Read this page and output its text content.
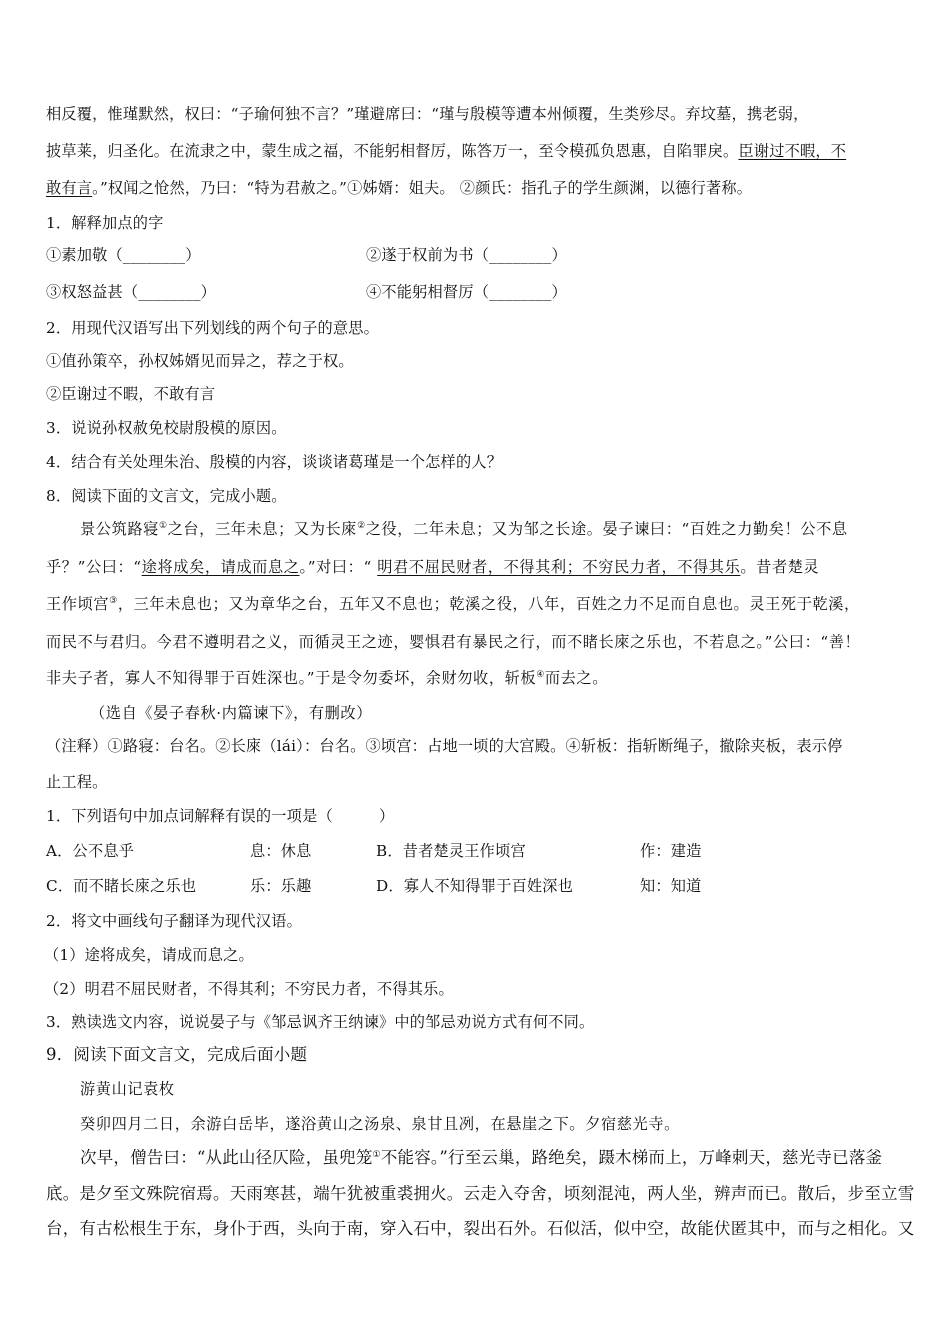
相反覆，惟瑾默然，权曰：“子瑜何独不言？”瑾避席曰：“瑾与殷模等遭本州倾覆，生类殄尽。弃坟墓，携老弱，
披草莱，归圣化。在流隶之中，蒙生成之福，不能躬相督厉，陈答万一，至令模孤负恩惠，自陷罪戾。臣谢过不暇，不
敢有言。”权闻之怆然，乃曰：“特为君赦之。”①姊婿：姐夫。 ②颜氏：指孔子的学生颜渊，以德行著称。
1．解释加点的字
①素加敬（________）	②遂于权前为书（________）
③权怒益甚（________）	④不能躬相督厉（________）
2．用现代汉语写出下列划线的两个句子的意思。
①值孙策卒，孙权姊婿见而异之，荐之于权。
②臣谢过不暇，不敢有言
3．说说孙权赦免校尉殷模的原因。
4．结合有关处理朱治、殷模的内容，谈谈诸葛瑾是一个怎样的人？
8．阅读下面的文言文，完成小题。
景公筑路寝①之台，三年未息；又为长庲②之役，二年未息；又为邹之长途。晏子谏曰：“百姓之力勤矣！公不息
乎？”公曰：“途将成矣，请成而息之。”对曰：“ 明君不屈民财者，不得其利；不穷民力者，不得其乐。昔者楚灵
王作顷宫③，三年未息也；又为章华之台，五年又不息也；乾溪之役，八年，百姓之力不足而自息也。灵王死于乾溪，
而民不与君归。今君不遵明君之义，而循灵王之迹，婴惧君有暴民之行，而不睹长庲之乐也，不若息之。”公曰：“善！
非夫子者，寡人不知得罪于百姓深也。”于是令勿委坏，余财勿收，斩板④而去之。
（选自《晏子春秋·内篇谏下》，有删改）
（注释）①路寝：台名。②长庲（lái）：台名。③顷宫：占地一顷的大宫殿。④斩板：指斩断绳子，撤除夹板，表示停
止工程。
1．下列语句中加点词解释有误的一项是（　　　）
A．公不息乎	息：休息	B．昔者楚灵王作顷宫	作：建造
C．而不睹长庲之乐也	乐：乐趣	D．寡人不知得罪于百姓深也	知：知道
2．将文中画线句子翻译为现代汉语。
（1）途将成矣，请成而息之。
（2）明君不屈民财者，不得其利；不穷民力者，不得其乐。
3．熟读选文内容，说说晏子与《邹忌讽齐王纳谏》中的邹忌劝说方式有何不同。
9．阅读下面文言文，完成后面小题
游黄山记袁枚
癸卯四月二日，余游白岳毕，遂浴黄山之汤泉、泉甘且冽，在悬崖之下。夕宿慈光寺。
次早，僧告曰：“从此山径仄险，虽兜笼①不能容。”行至云巢，路绝矣，蹑木梯而上，万峰刺天，慈光寺已落釜
底。是夕至文殊院宿焉。天雨寒甚，端午犹被重裘拥火。云走入夺舍，顷刻混沌，两人坐，辨声而已。散后，步至立雪
台，有古松根生于东，身仆于西，头向于南，穿入石中，裂出石外。石似活，似中空，故能伏匿其中，而与之相化。又
